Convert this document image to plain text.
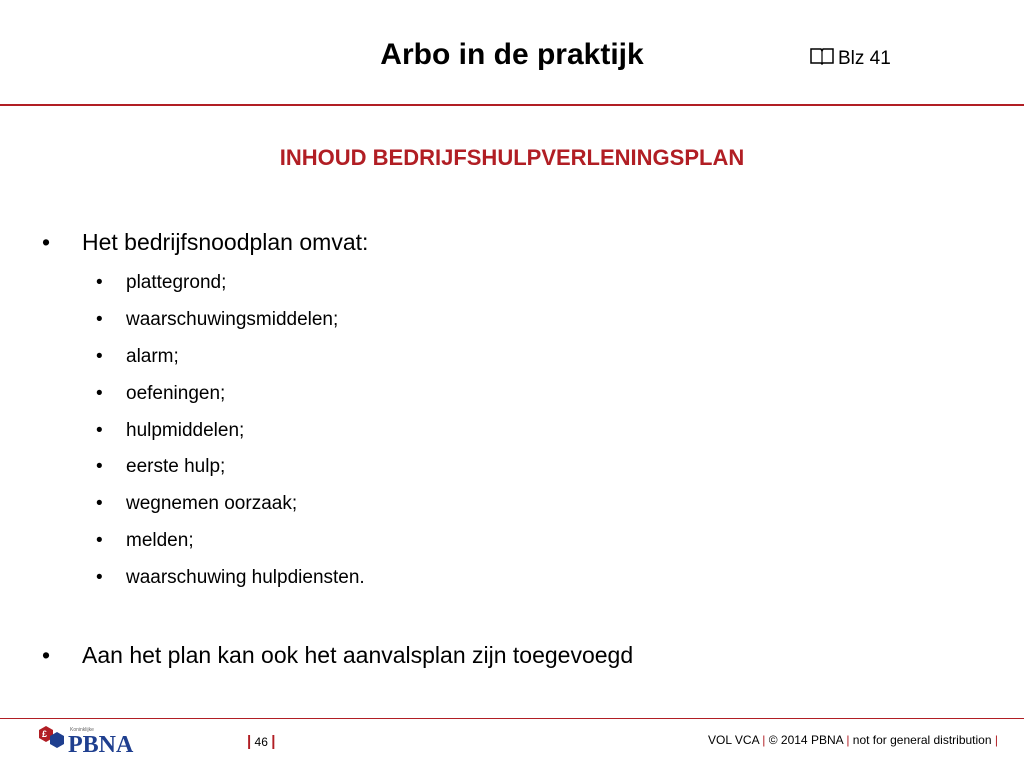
Arbo in de praktijk	Blz 41
INHOUD BEDRIJFSHULPVERLENINGSPLAN
•	Het bedrijfsnoodplan omvat:
•	plattegrond;
•	waarschuwingsmiddelen;
•	alarm;
•	oefeningen;
•	hulpmiddelen;
•	eerste hulp;
•	wegnemen oorzaak;
•	melden;
•	waarschuwing hulpdiensten.
•	Aan het plan kan ook het aanvalsplan zijn toegevoegd
£	Koninklijke
PBNA	| 46 |	VOL VCA | © 2014 PBNA | not for general distribution |
